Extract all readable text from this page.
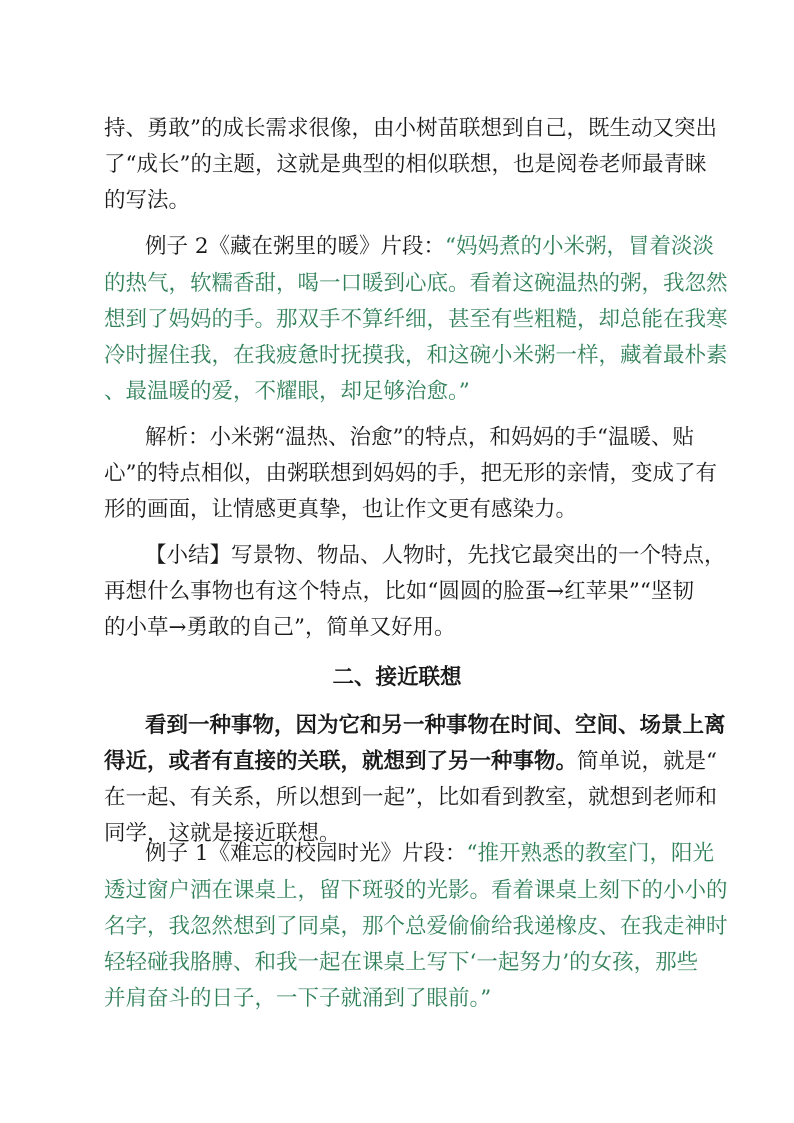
持、勇敢”的成长需求很像，由小树苗联想到自己，既生动又突出
了“成长”的主题，这就是典型的相似联想，也是阅卷老师最青睐
的写法。
例子 2《藏在粥里的暖》片段：“妈妈煮的小米粥，冒着淡淡
的热气，软糯香甜，喝一口暖到心底。看着这碗温热的粥，我忽然
想到了妈妈的手。那双手不算纤细，甚至有些粗糙，却总能在我寒
冷时握住我，在我疲惫时抚摸我，和这碗小米粥一样，藏着最朴素
、最温暖的爱，不耀眼，却足够治愈。”
解析：小米粥“温热、治愈”的特点，和妈妈的手“温暖、贴
心”的特点相似，由粥联想到妈妈的手，把无形的亲情，变成了有
形的画面，让情感更真挚，也让作文更有感染力。
【小结】写景物、物品、人物时，先找它最突出的一个特点，
再想什么事物也有这个特点，比如“圆圆的脸蛋→红苹果”“坚韧
的小草→勇敢的自己”，简单又好用。
二、接近联想
看到一种事物，因为它和另一种事物在时间、空间、场景上离
得近，或者有直接的关联，就想到了另一种事物。简单说，就是“
在一起、有关系，所以想到一起”，比如看到教室，就想到老师和
同学，这就是接近联想。
例子 1《难忘的校园时光》片段：“推开熟悉的教室门，阳光
透过窗户洒在课桌上，留下斑驳的光影。看着课桌上刻下的小小的
名字，我忽然想到了同桌，那个总爱偷偷给我递橡皮、在我走神时
轻轻碰我胳膊、和我一起在课桌上写下‘一起努力’的女孩，那些
并肩奋斗的日子，一下子就涌到了眼前。”
